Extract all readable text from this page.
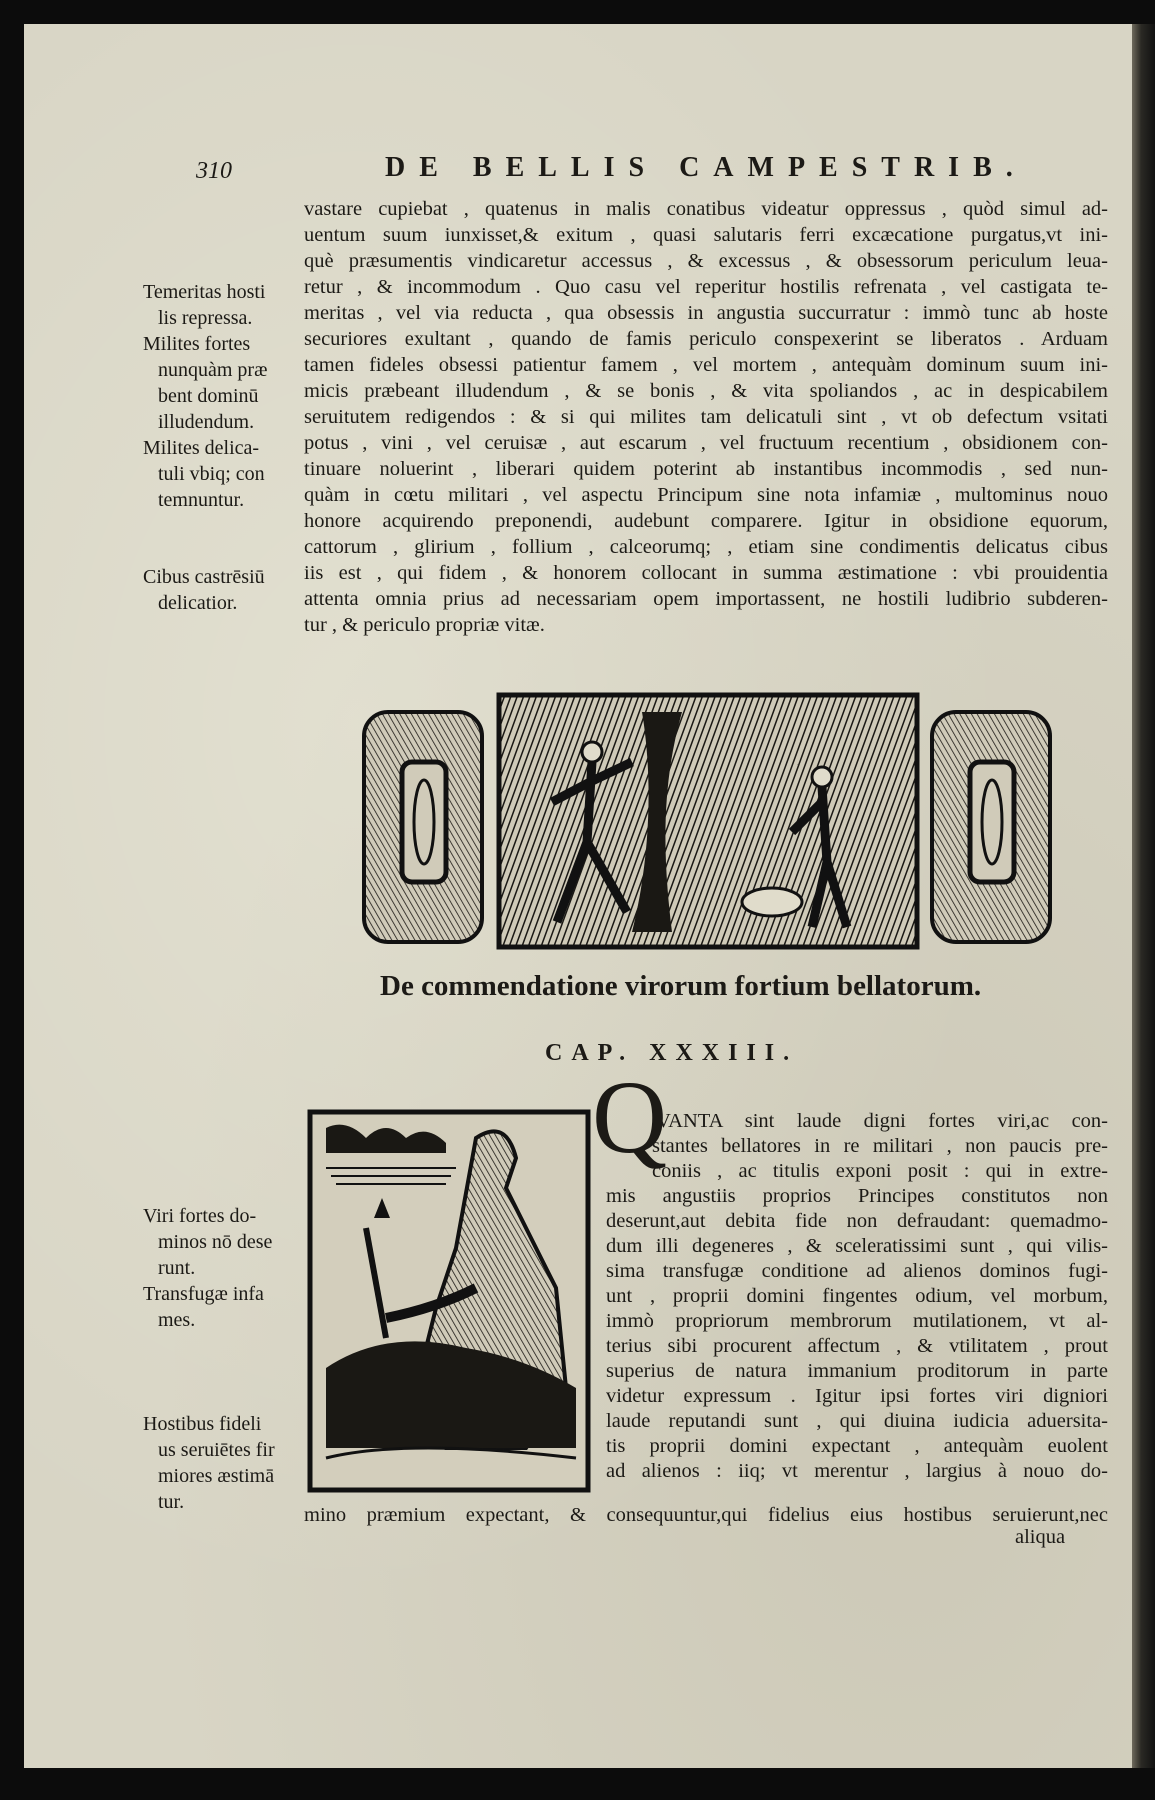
310	DE BELLIS CAMPESTRIB.
vastare cupiebat , quatenus in malis conatibus videatur oppressus , quòd simul ad-
uentum suum iunxisset,& exitum , quasi salutaris ferri excæcatione purgatus,vt ini-
què præsumentis vindicaretur accessus , & excessus , & obsessorum periculum leua-
retur , & incommodum . Quo casu vel reperitur hostilis refrenata , vel castigata te-
meritas , vel via reducta , qua obsessis in angustia succurratur : immò tunc ab hoste
securiores exultant , quando de famis periculo conspexerint se liberatos . Arduam
tamen fideles obsessi patientur famem , vel mortem , antequàm dominum suum ini-
micis præbeant illudendum , & se bonis , & vita spoliandos , ac in despicabilem
seruitutem redigendos : & si qui milites tam delicatuli sint , vt ob defectum vsitati
potus , vini , vel ceruisæ , aut escarum , vel fructuum recentium , obsidionem con-
tinuare noluerint , liberari quidem poterint ab instantibus incommodis , sed nun-
quàm in cœtu militari , vel aspectu Principum sine nota infamiæ , multominus nouo
honore acquirendo preponendi, audebunt comparere. Igitur in obsidione equorum,
cattorum , glirium , follium , calceorumq; , etiam sine condimentis delicatus cibus
iis est , qui fidem , & honorem collocant in summa æstimatione : vbi prouidentia
attenta omnia prius ad necessariam opem importassent, ne hostili ludibrio subderen-
tur , & periculo propriæ vitæ.
Temeritas hosti
lis repressa.
Milites fortes
nunquàm præ
bent dominū
illudendum.
Milites delica-
tuli vbiq; con
temnuntur.
Cibus castrēsiū
delicatior.
Viri fortes do-
minos nō dese
runt.
Transfugæ infa
mes.
Hostibus fideli
us seruiētes fir
miores æstimā
tur.
De commendatione virorum fortium bellatorum.
CAP. XXXIII.
Q
VANTA sint laude digni fortes viri,ac con-
stantes bellatores in re militari , non paucis pre-
coniis , ac titulis exponi posit : qui in extre-
mis angustiis proprios Principes constitutos non
deserunt,aut debita fide non defraudant: quemadmo-
dum illi degeneres , & sceleratissimi sunt , qui vilis-
sima transfugæ conditione ad alienos dominos fugi-
unt , proprii domini fingentes odium, vel morbum,
immò propriorum membrorum mutilationem, vt al-
terius sibi procurent affectum , & vtilitatem , prout
superius de natura immanium proditorum in parte
videtur expressum . Igitur ipsi fortes viri digniori
laude reputandi sunt , qui diuina iudicia aduersita-
tis proprii domini expectant , antequàm euolent
ad alienos : iiq; vt merentur , largius à nouo do-
mino præmium expectant, & consequuntur,qui fidelius eius hostibus seruierunt,nec
aliqua
